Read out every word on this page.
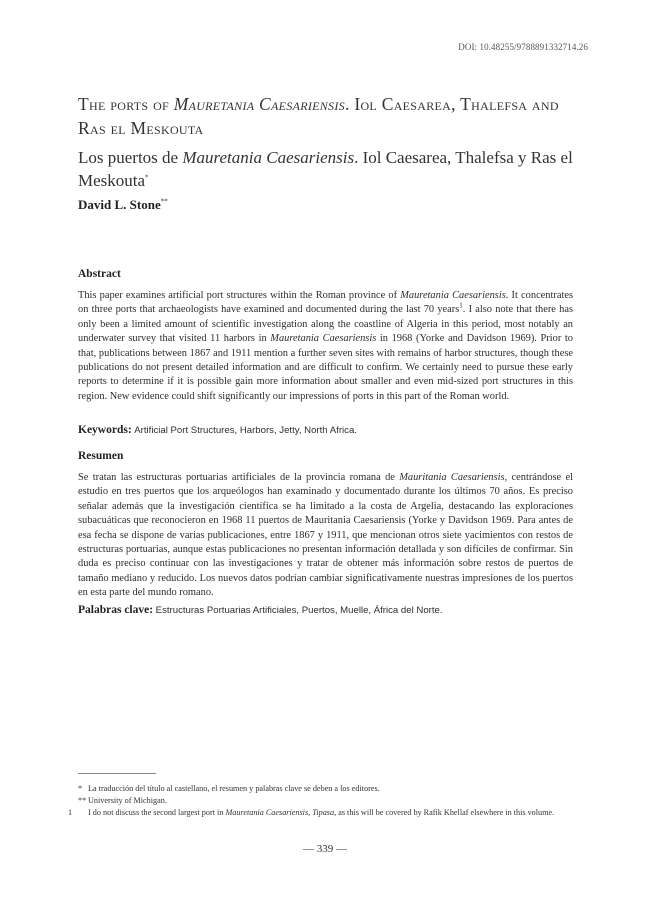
DOI: 10.48255/9788891332714.26
The ports of Mauretania Caesariensis. Iol Caesarea, Thalefsa and Ras el Meskouta
Los puertos de Mauretania Caesariensis. Iol Caesarea, Thalefsa y Ras el Meskouta*
David L. Stone**
Abstract
This paper examines artificial port structures within the Roman province of Mauretania Caesariensis. It concentrates on three ports that archaeologists have examined and documented during the last 70 years$^1$. I also note that there has only been a limited amount of scientific investigation along the coastline of Algeria in this period, most notably an underwater survey that visited 11 harbors in Mauretania Caesariensis in 1968 (Yorke and Davidson 1969). Prior to that, publications between 1867 and 1911 mention a further seven sites with remains of harbor structures, though these publications do not present detailed information and are difficult to confirm. We certainly need to pursue these early reports to determine if it is possible gain more information about smaller and even mid-sized port structures in this region. New evidence could shift significantly our impressions of ports in this part of the Roman world.
Keywords: Artificial Port Structures, Harbors, Jetty, North Africa.
Resumen
Se tratan las estructuras portuarias artificiales de la provincia romana de Mauritania Caesariensis, centrándose el estudio en tres puertos que los arqueólogos han examinado y documentado durante los últimos 70 años. Es preciso señalar además que la investigación científica se ha limitado a la costa de Argelia, destacando las exploraciones subacuáticas que reconocieron en 1968 11 puertos de Mauritania Caesariensis (Yorke y Davidson 1969. Para antes de esa fecha se dispone de varias publicaciones, entre 1867 y 1911, que mencionan otros siete yacimientos con restos de estructuras portuarias, aunque estas publicaciones no presentan información detallada y son difíciles de confirmar. Sin duda es preciso continuar con las investigaciones y tratar de obtener más información sobre restos de puertos de tamaño mediano y reducido. Los nuevos datos podrían cambiar significativamente nuestras impresiones de los puertos en esta parte del mundo romano.
Palabras clave: Estructuras Portuarias Artificiales, Puertos, Muelle, África del Norte.
* La traducción del título al castellano, el resumen y palabras clave se deben a los editores.
** University of Michigan.
1 I do not discuss the second largest port in Mauretania Caesariensis, Tipasa, as this will be covered by Rafik Khellaf elsewhere in this volume.
— 339 —
